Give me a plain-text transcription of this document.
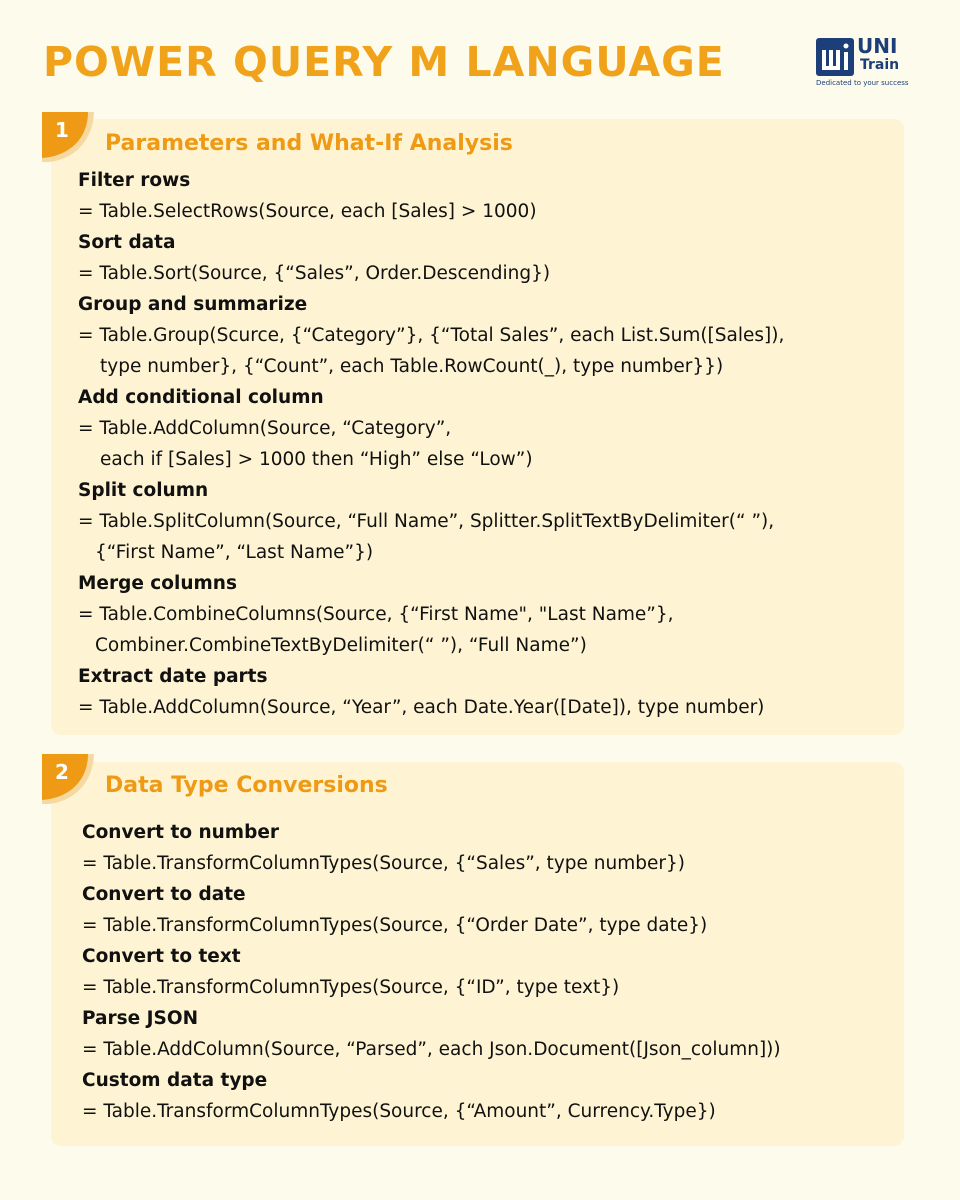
POWER QUERY M LANGUAGE	UNI
Train
Dedicated to your success
1
2
Parameters and What-If Analysis
Data Type Conversions
Filter rows
= Table.SelectRows(Source, each [Sales] > 1000)
Sort data
= Table.Sort(Source, {“Sales”, Order.Descending})
Group and summarize
= Table.Group(Scurce, {“Category”}, {“Total Sales”, each List.Sum([Sales]),
type number}, {“Count”, each Table.RowCount(_), type number}})
Add conditional column
= Table.AddColumn(Source, “Category”,
each if [Sales] > 1000 then “High” else “Low”)
Split column
= Table.SplitColumn(Source, “Full Name”, Splitter.SplitTextByDelimiter(“ ”),
{“First Name”, “Last Name”})
Merge columns
= Table.CombineColumns(Source, {“First Name", "Last Name”},
Combiner.CombineTextByDelimiter(“ ”), “Full Name”)
Extract date parts
= Table.AddColumn(Source, “Year”, each Date.Year([Date]), type number)
Convert to number
= Table.TransformColumnTypes(Source, {“Sales”, type number})
Convert to date
= Table.TransformColumnTypes(Source, {“Order Date”, type date})
Convert to text
= Table.TransformColumnTypes(Source, {“ID”, type text})
Parse JSON
= Table.AddColumn(Source, “Parsed”, each Json.Document([Json_column]))
Custom data type
= Table.TransformColumnTypes(Source, {“Amount”, Currency.Type})
